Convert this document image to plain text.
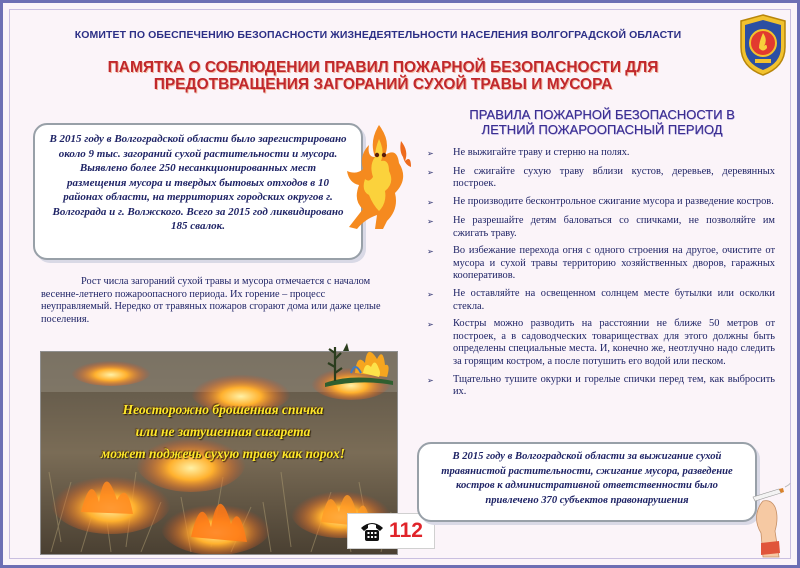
КОМИТЕТ ПО ОБЕСПЕЧЕНИЮ БЕЗОПАСНОСТИ ЖИЗНЕДЕЯТЕЛЬНОСТИ НАСЕЛЕНИЯ ВОЛГОГРАДСКОЙ ОБЛАСТИ
ПАМЯТКА О СОБЛЮДЕНИИ ПРАВИЛ ПОЖАРНОЙ БЕЗОПАСНОСТИ ДЛЯ
ПРЕДОТВРАЩЕНИЯ ЗАГОРАНИЙ СУХОЙ ТРАВЫ И МУСОРА
В 2015 году в Волгоградской области было зарегистрировано около 9 тыс. загораний сухой растительности и мусора.
Выявлено более 250 несанкционированных мест размещения мусора и твердых бытовых отходов в 10 районах области, на территориях городских округов г. Волгограда и г. Волжского. Всего за 2015 год ликвидировано 185 свалок.
Рост числа загораний сухой травы и мусора отмечается с началом весенне-летнего пожароопасного периода. Их горение – процесс неуправляемый. Нередко от травяных пожаров сгорают дома или даже целые поселения.
Неосторожно брошенная спичка
или не затушенная сигарета
может поджечь сухую траву как порох!
112
ПРАВИЛА ПОЖАРНОЙ БЕЗОПАСНОСТИ В
ЛЕТНИЙ ПОЖАРООПАСНЫЙ ПЕРИОД
➢	Не выжигайте траву и стерню на полях.
➢	Не сжигайте сухую траву вблизи кустов, деревьев, деревянных построек.
➢	Не производите бесконтрольное сжигание мусора и разведение костров.
➢	Не разрешайте детям баловаться со спичками, не позволяйте им сжигать траву.
➢	Во избежание перехода огня с одного строения на другое, очистите от мусора и сухой травы территорию хозяйственных дворов, гаражных кооперативов.
➢	Не оставляйте на освещенном солнцем месте бутылки или осколки стекла.
➢	Костры можно разводить на расстоянии не ближе 50 метров от построек, а в садоводческих товариществах для этого должны быть определены специальные места. И, конечно же, неотлучно надо следить за горящим костром, а после потушить его водой или песком.
➢	Тщательно тушите окурки и горелые спички перед тем, как выбросить их.
В 2015 году в Волгоградской области за выжигание сухой травянистой растительности, сжигание мусора, разведение костров к административной ответственности было привлечено 370 субъектов правонарушения
